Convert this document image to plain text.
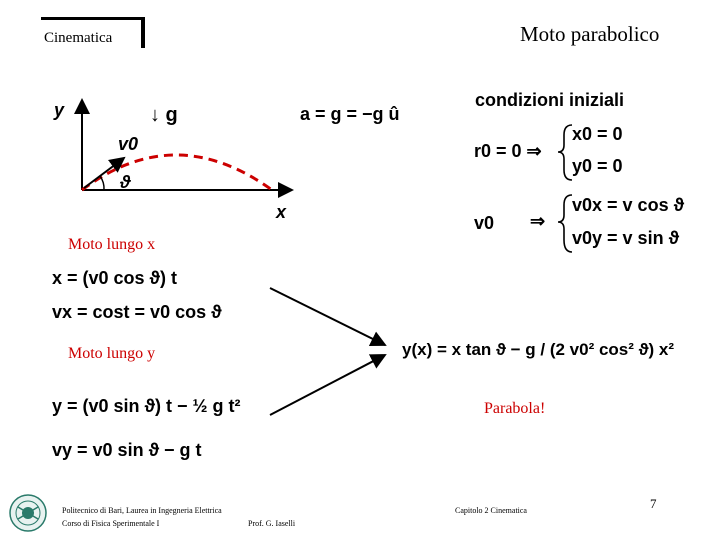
Cinematica	Moto parabolico
y
x
v0
ϑ
↓ g	a = g = −g û
condizioni iniziali
r0 = 0 ⇒
x0 = 0
y0 = 0
v0 ⇒
v0x = v cos ϑ
v0y = v sin ϑ
Moto lungo x
x = (v0 cos ϑ) t
vx = cost = v0 cos ϑ
Moto lungo y
y = (v0 sin ϑ) t − ½ g t²
vy = v0 sin ϑ − g t
y(x) = x tan ϑ − g / (2 v0² cos² ϑ) x²
Parabola!
Politecnico di Bari, Laurea in Ingegneria Elettrica
Corso di Fisica Sperimentale I	Prof. G. Iaselli
Capitolo 2 Cinematica	7
